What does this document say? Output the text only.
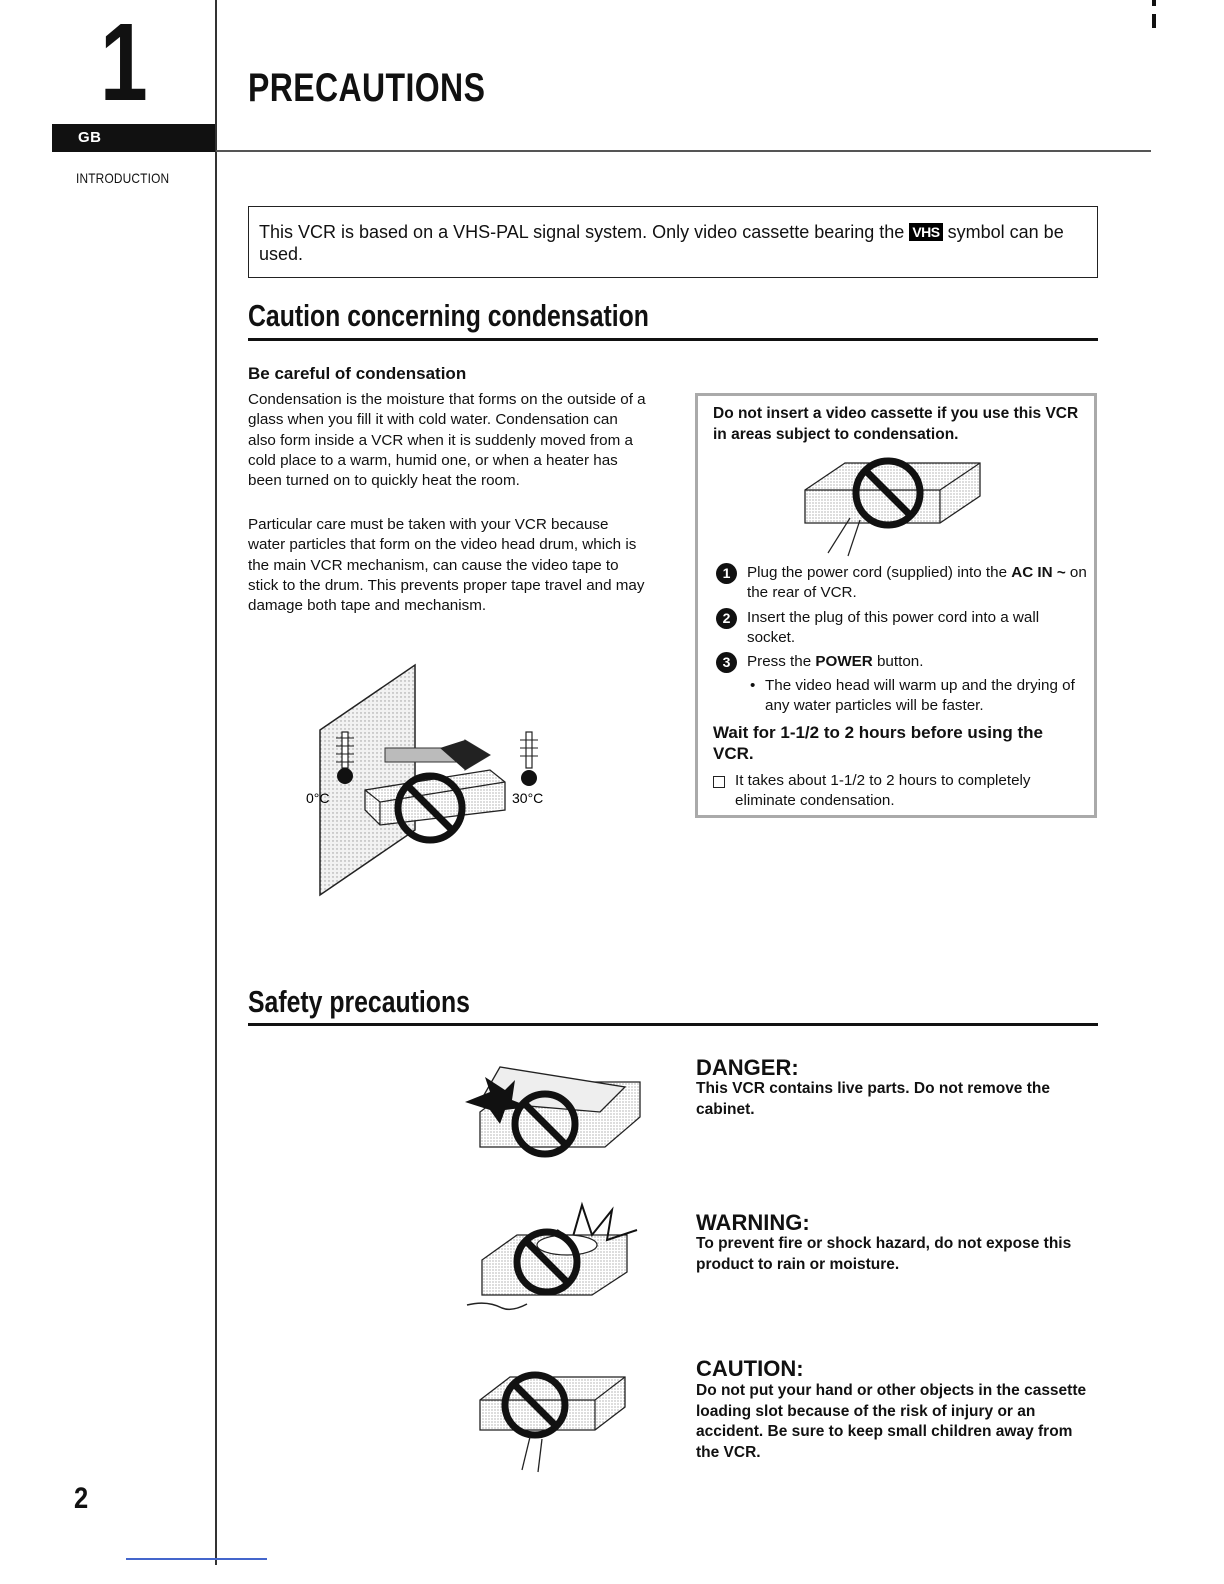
1
GB
INTRODUCTION
PRECAUTIONS
This VCR is based on a VHS-PAL signal system. Only video cassette bearing the VHS symbol can be used.
Caution concerning condensation
Be careful of condensation
Condensation is the moisture that forms on the outside of a glass when you fill it with cold water. Condensation can also form inside a VCR when it is suddenly moved from a cold place to a warm, humid one, or when a heater has been turned on to quickly heat the room.
Particular care must be taken with your VCR because water particles that form on the video head drum, which is the main VCR mechanism, can cause the video tape to stick to the drum. This prevents proper tape travel and may damage both tape and mechanism.
0°C	30°C
Do not insert a video cassette if you use this VCR in areas subject to condensation.
1 Plug the power cord (supplied) into the AC IN ~ on the rear of VCR.
2 Insert the plug of this power cord into a wall socket.
3 Press the POWER button.
• The video head will warm up and the drying of any water particles will be faster.
Wait for 1-1/2 to 2 hours before using the VCR.
It takes about 1-1/2 to 2 hours to completely eliminate condensation.
Safety precautions
DANGER:
This VCR contains live parts. Do not remove the cabinet.
WARNING:
To prevent fire or shock hazard, do not expose this product to rain or moisture.
CAUTION:
Do not put your hand or other objects in the cassette loading slot because of the risk of injury or an accident. Be sure to keep small children away from the VCR.
2
